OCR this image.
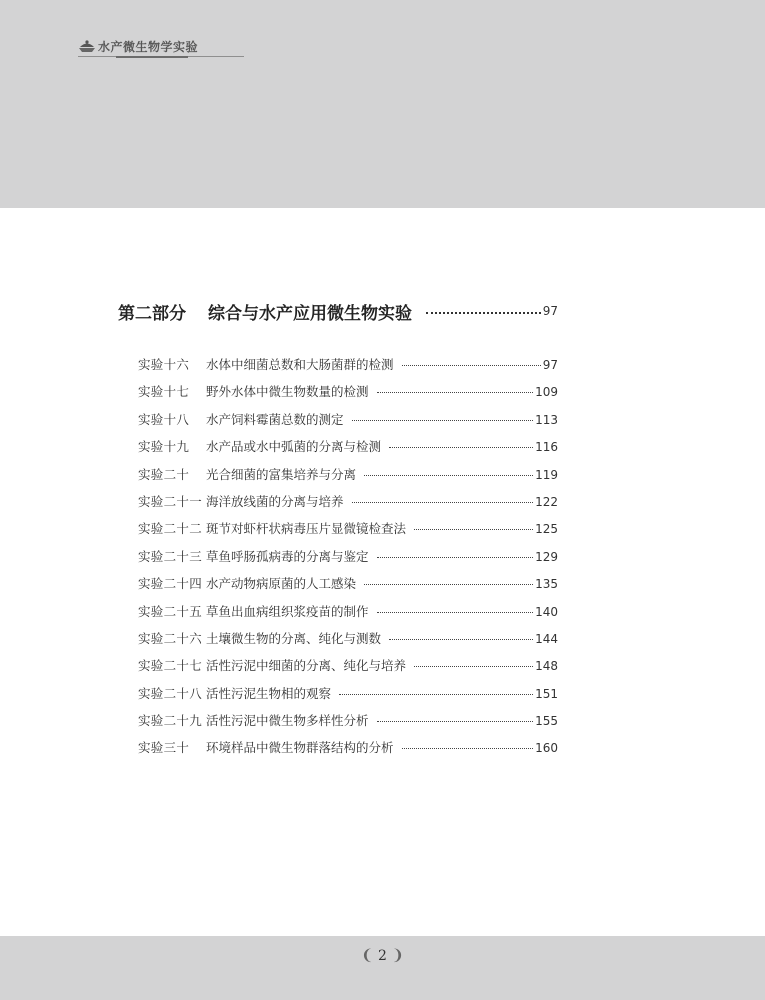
水产微生物学实验
第二部分 综合与水产应用微生物实验	97
实验十六	水体中细菌总数和大肠菌群的检测	97
实验十七	野外水体中微生物数量的检测	109
实验十八	水产饲料霉菌总数的测定	113
实验十九	水产品或水中弧菌的分离与检测	116
实验二十	光合细菌的富集培养与分离	119
实验二十一 海洋放线菌的分离与培养	122
实验二十二 斑节对虾杆状病毒压片显微镜检查法	125
实验二十三 草鱼呼肠孤病毒的分离与鉴定	129
实验二十四 水产动物病原菌的人工感染	135
实验二十五 草鱼出血病组织浆疫苗的制作	140
实验二十六 土壤微生物的分离、纯化与测数	144
实验二十七 活性污泥中细菌的分离、纯化与培养	148
实验二十八 活性污泥生物相的观察	151
实验二十九 活性污泥中微生物多样性分析	155
实验三十	环境样品中微生物群落结构的分析	160
❨ 2 ❩
